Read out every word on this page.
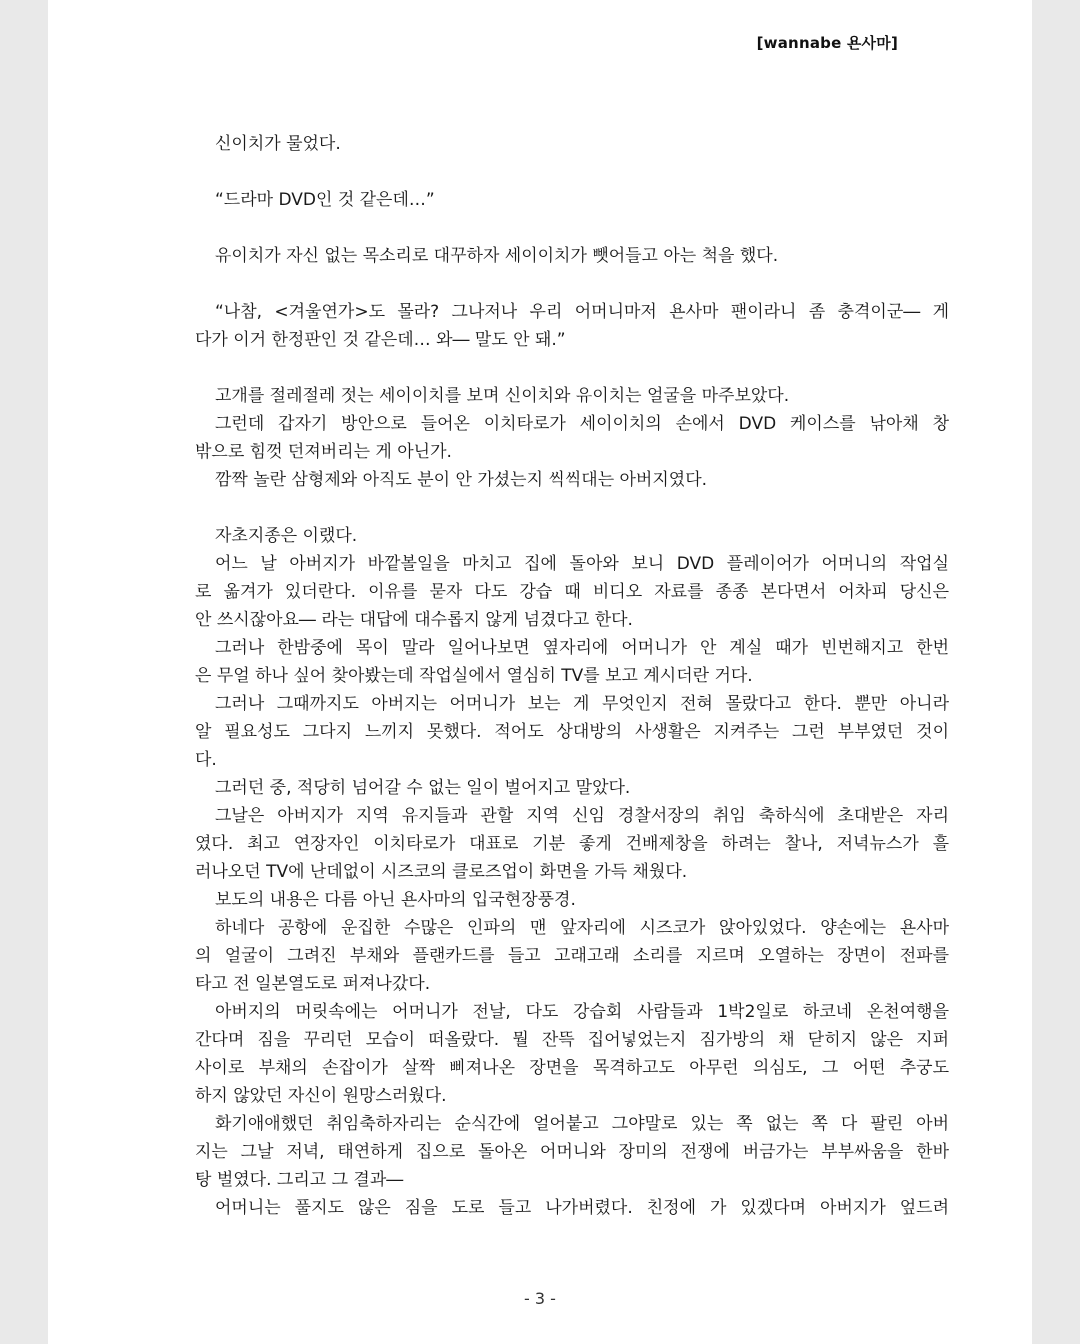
[wannabe 욘사마]
신이치가 물었다.
“드라마 DVD인 것 같은데…”
유이치가 자신 없는 목소리로 대꾸하자 세이이치가 뺏어들고 아는 척을 했다.
“나참, <겨울연가>도 몰라? 그나저나 우리 어머니마저 욘사마 팬이라니 좀 충격이군― 게
다가 이거 한정판인 것 같은데… 와― 말도 안 돼.”
고개를 절레절레 젓는 세이이치를 보며 신이치와 유이치는 얼굴을 마주보았다.
그런데 갑자기 방안으로 들어온 이치타로가 세이이치의 손에서 DVD 케이스를 낚아채 창
밖으로 힘껏 던져버리는 게 아닌가.
깜짝 놀란 삼형제와 아직도 분이 안 가셨는지 씩씩대는 아버지였다.
자초지종은 이랬다.
어느 날 아버지가 바깥볼일을 마치고 집에 돌아와 보니 DVD 플레이어가 어머니의 작업실
로 옮겨가 있더란다. 이유를 묻자 다도 강습 때 비디오 자료를 종종 본다면서 어차피 당신은
안 쓰시잖아요― 라는 대답에 대수롭지 않게 넘겼다고 한다.
그러나 한밤중에 목이 말라 일어나보면 옆자리에 어머니가 안 계실 때가 빈번해지고 한번
은 무얼 하나 싶어 찾아봤는데 작업실에서 열심히 TV를 보고 계시더란 거다.
그러나 그때까지도 아버지는 어머니가 보는 게 무엇인지 전혀 몰랐다고 한다. 뿐만 아니라
알 필요성도 그다지 느끼지 못했다. 적어도 상대방의 사생활은 지켜주는 그런 부부였던 것이
다.
그러던 중, 적당히 넘어갈 수 없는 일이 벌어지고 말았다.
그날은 아버지가 지역 유지들과 관할 지역 신임 경찰서장의 취임 축하식에 초대받은 자리
였다. 최고 연장자인 이치타로가 대표로 기분 좋게 건배제창을 하려는 찰나, 저녁뉴스가 흘
러나오던 TV에 난데없이 시즈코의 클로즈업이 화면을 가득 채웠다.
보도의 내용은 다름 아닌 욘사마의 입국현장풍경.
하네다 공항에 운집한 수많은 인파의 맨 앞자리에 시즈코가 앉아있었다. 양손에는 욘사마
의 얼굴이 그려진 부채와 플랜카드를 들고 고래고래 소리를 지르며 오열하는 장면이 전파를
타고 전 일본열도로 퍼져나갔다.
아버지의 머릿속에는 어머니가 전날, 다도 강습회 사람들과 1박2일로 하코네 온천여행을
간다며 짐을 꾸리던 모습이 떠올랐다. 뭘 잔뜩 집어넣었는지 짐가방의 채 닫히지 않은 지퍼
사이로 부채의 손잡이가 살짝 삐져나온 장면을 목격하고도 아무런 의심도, 그 어떤 추궁도
하지 않았던 자신이 원망스러웠다.
화기애애했던 취임축하자리는 순식간에 얼어붙고 그야말로 있는 쪽 없는 쪽 다 팔린 아버
지는 그날 저녁, 태연하게 집으로 돌아온 어머니와 장미의 전쟁에 버금가는 부부싸움을 한바
탕 벌였다. 그리고 그 결과―
어머니는 풀지도 않은 짐을 도로 들고 나가버렸다. 친정에 가 있겠다며 아버지가 엎드려
- 3 -
